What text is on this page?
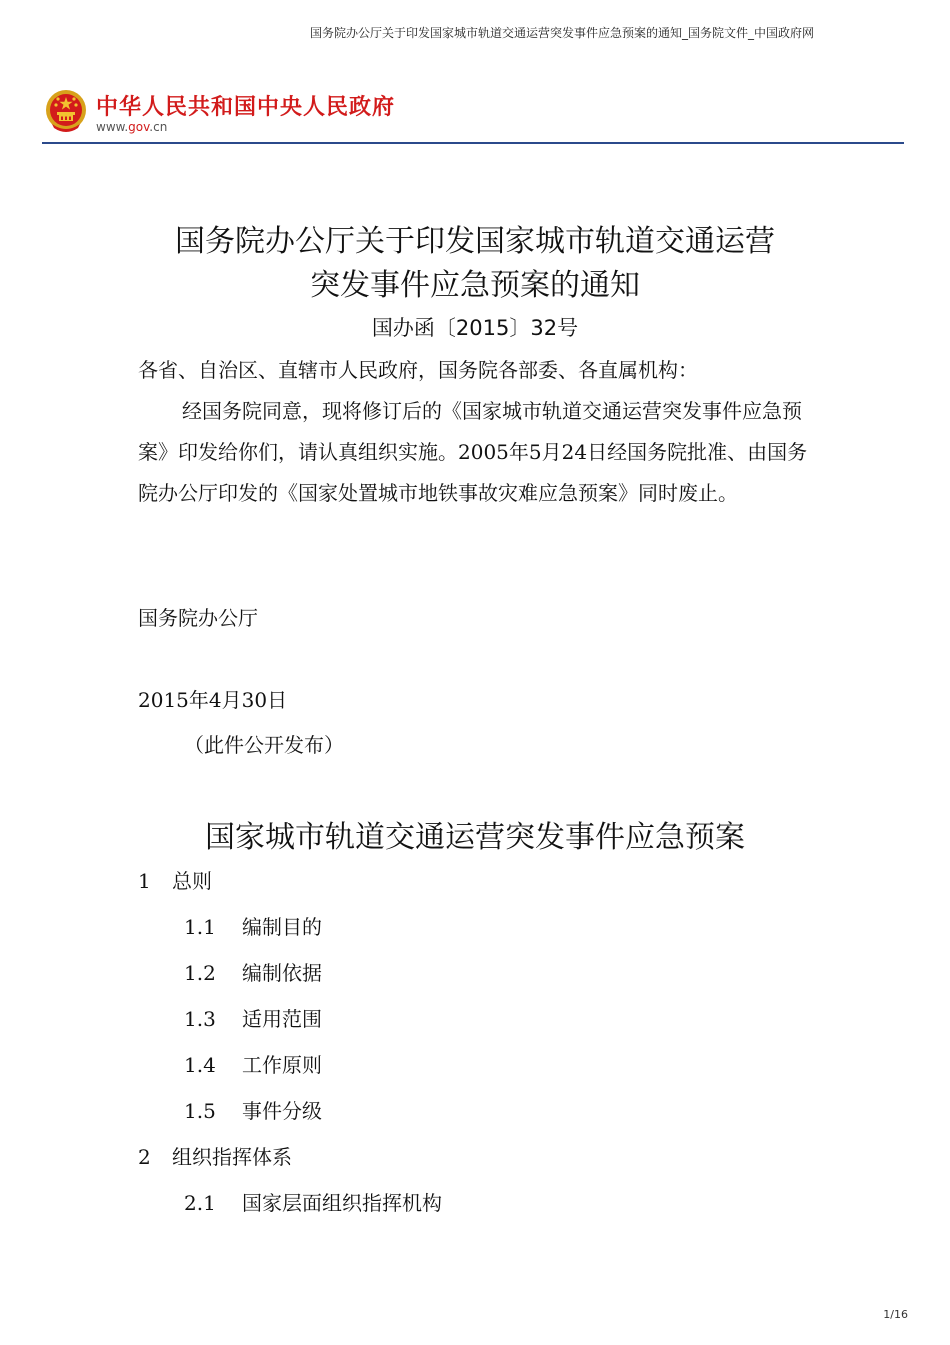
国务院办公厅关于印发国家城市轨道交通运营突发事件应急预案的通知_国务院文件_中国政府网
中华人民共和国中央人民政府
www.gov.cn
国务院办公厅关于印发国家城市轨道交通运营
突发事件应急预案的通知
国办函〔2015〕32号

各省、自治区、直辖市人民政府，国务院各部委、各直属机构：

经国务院同意，现将修订后的《国家城市轨道交通运营突发事件应急预案》印发给你们，请认真组织实施。2005年5月24日经国务院批准、由国务院办公厅印发的《国家处置城市地铁事故灾难应急预案》同时废止。

国务院办公厅

2015年4月30日

（此件公开发布）

国家城市轨道交通运营突发事件应急预案
1 总则
1.1 编制目的
1.2 编制依据
1.3 适用范围
1.4 工作原则
1.5 事件分级
2 组织指挥体系
2.1 国家层面组织指挥机构
1/16
